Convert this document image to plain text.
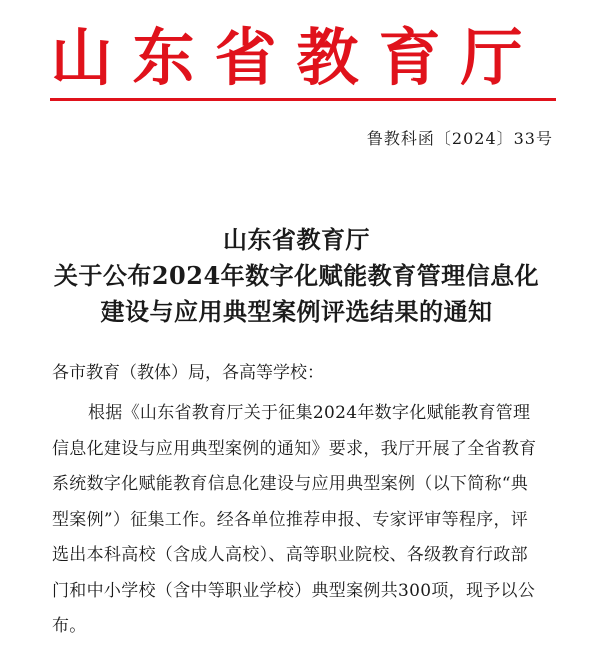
山东省教育厅
鲁教科函〔2024〕33号
山东省教育厅
关于公布2024年数字化赋能教育管理信息化
建设与应用典型案例评选结果的通知
各市教育（教体）局，各高等学校：
根据《山东省教育厅关于征集2024年数字化赋能教育管理
信息化建设与应用典型案例的通知》要求，我厅开展了全省教育
系统数字化赋能教育信息化建设与应用典型案例（以下简称“典
型案例”）征集工作。经各单位推荐申报、专家评审等程序，评
选出本科高校（含成人高校）、高等职业院校、各级教育行政部
门和中小学校（含中等职业学校）典型案例共300项，现予以公
布。
